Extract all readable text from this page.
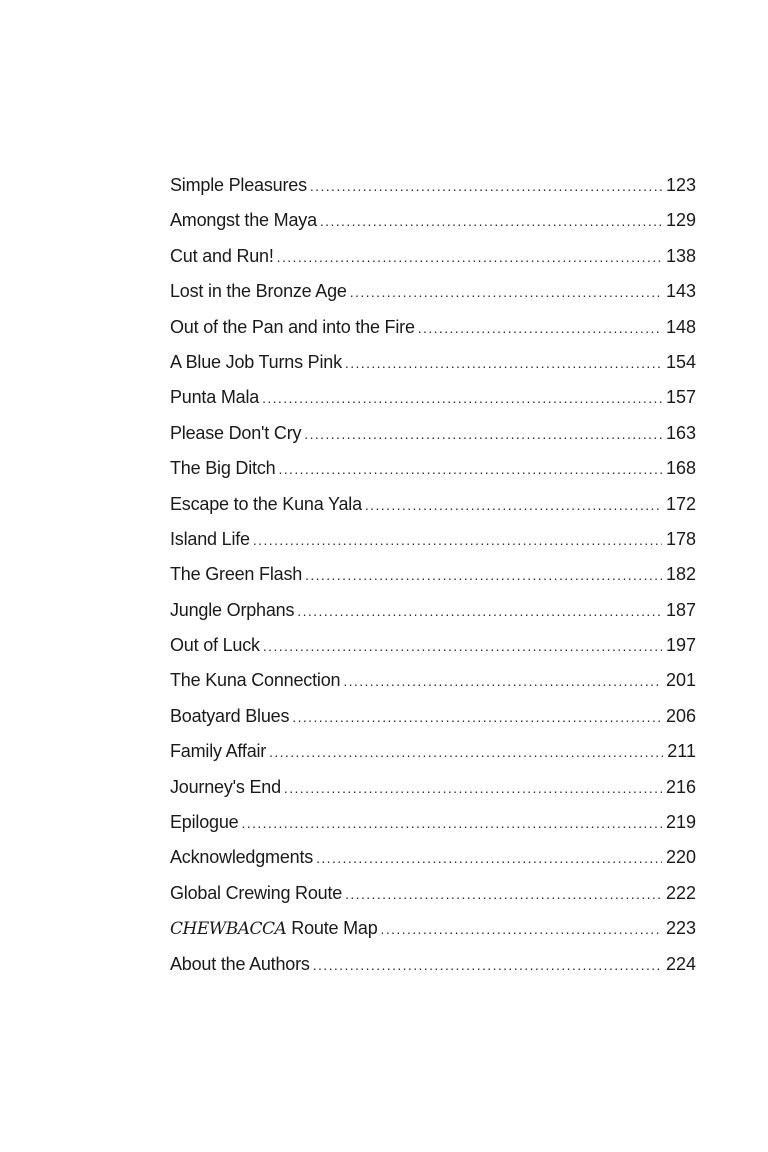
Simple Pleasures .....	123
Amongst the Maya .....	129
Cut and Run! .....	138
Lost in the Bronze Age .....	143
Out of the Pan and into the Fire .....	148
A Blue Job Turns Pink .....	154
Punta Mala .....	157
Please Don't Cry .....	163
The Big Ditch .....	168
Escape to the Kuna Yala .....	172
Island Life .....	178
The Green Flash .....	182
Jungle Orphans .....	187
Out of Luck .....	197
The Kuna Connection .....	201
Boatyard Blues .....	206
Family Affair .....	211
Journey's End .....	216
Epilogue .....	219
Acknowledgments .....	220
Global Crewing Route .....	222
CHEWBACCA Route Map .....	223
About the Authors .....	224
